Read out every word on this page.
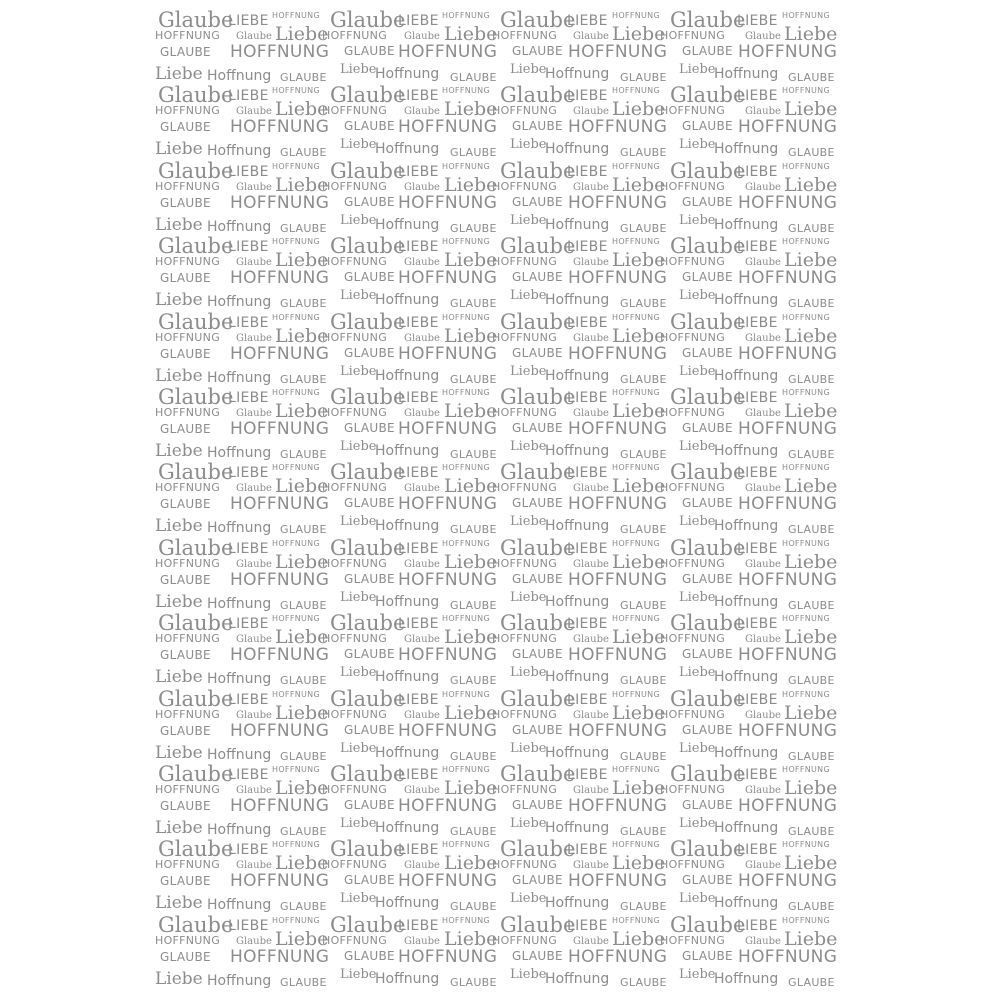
Glaube
LIEBE HOFFNUNG Glaube
LIEBE HOFFNUNG Glaube
LIEBE HOFFNUNG Glaube
LIEBE HOFFNUNG
HOFFNUNG Glaube Liebe
HOFFNUNG Glaube Liebe
HOFFNUNG Glaube Liebe
HOFFNUNG Glaube Liebe
GLAUBE HOFFNUNG GLAUBE HOFFNUNG GLAUBE HOFFNUNG GLAUBE HOFFNUNG
Liebe Hoffnung GLAUBE
Liebe
Hoffnung GLAUBE
Liebe
Hoffnung GLAUBE
Liebe
Hoffnung GLAUBE
Glaube
LIEBE HOFFNUNG Glaube
LIEBE HOFFNUNG Glaube
LIEBE HOFFNUNG Glaube
LIEBE HOFFNUNG
HOFFNUNG Glaube Liebe
HOFFNUNG Glaube Liebe
HOFFNUNG Glaube Liebe
HOFFNUNG Glaube Liebe
GLAUBE HOFFNUNG GLAUBE HOFFNUNG GLAUBE HOFFNUNG GLAUBE HOFFNUNG
Liebe Hoffnung GLAUBE
Liebe
Hoffnung GLAUBE
Liebe
Hoffnung GLAUBE
Liebe
Hoffnung GLAUBE
Glaube
LIEBE HOFFNUNG Glaube
LIEBE HOFFNUNG Glaube
LIEBE HOFFNUNG Glaube
LIEBE HOFFNUNG
HOFFNUNG Glaube Liebe
HOFFNUNG Glaube Liebe
HOFFNUNG Glaube Liebe
HOFFNUNG Glaube Liebe
GLAUBE HOFFNUNG GLAUBE HOFFNUNG GLAUBE HOFFNUNG GLAUBE HOFFNUNG
Liebe Hoffnung GLAUBE
Liebe
Hoffnung GLAUBE
Liebe
Hoffnung GLAUBE
Liebe
Hoffnung GLAUBE
Glaube
LIEBE HOFFNUNG Glaube
LIEBE HOFFNUNG Glaube
LIEBE HOFFNUNG Glaube
LIEBE HOFFNUNG
HOFFNUNG Glaube Liebe
HOFFNUNG Glaube Liebe
HOFFNUNG Glaube Liebe
HOFFNUNG Glaube Liebe
GLAUBE HOFFNUNG GLAUBE HOFFNUNG GLAUBE HOFFNUNG GLAUBE HOFFNUNG
Liebe Hoffnung GLAUBE
Liebe
Hoffnung GLAUBE
Liebe
Hoffnung GLAUBE
Liebe
Hoffnung GLAUBE
Glaube
LIEBE HOFFNUNG Glaube
LIEBE HOFFNUNG Glaube
LIEBE HOFFNUNG Glaube
LIEBE HOFFNUNG
HOFFNUNG Glaube Liebe
HOFFNUNG Glaube Liebe
HOFFNUNG Glaube Liebe
HOFFNUNG Glaube Liebe
GLAUBE HOFFNUNG GLAUBE HOFFNUNG GLAUBE HOFFNUNG GLAUBE HOFFNUNG
Liebe Hoffnung GLAUBE
Liebe
Hoffnung GLAUBE
Liebe
Hoffnung GLAUBE
Liebe
Hoffnung GLAUBE
Glaube
LIEBE HOFFNUNG Glaube
LIEBE HOFFNUNG Glaube
LIEBE HOFFNUNG Glaube
LIEBE HOFFNUNG
HOFFNUNG Glaube Liebe
HOFFNUNG Glaube Liebe
HOFFNUNG Glaube Liebe
HOFFNUNG Glaube Liebe
GLAUBE HOFFNUNG GLAUBE HOFFNUNG GLAUBE HOFFNUNG GLAUBE HOFFNUNG
Liebe Hoffnung GLAUBE
Liebe
Hoffnung GLAUBE
Liebe
Hoffnung GLAUBE
Liebe
Hoffnung GLAUBE
Glaube
LIEBE HOFFNUNG Glaube
LIEBE HOFFNUNG Glaube
LIEBE HOFFNUNG Glaube
LIEBE HOFFNUNG
HOFFNUNG Glaube Liebe
HOFFNUNG Glaube Liebe
HOFFNUNG Glaube Liebe
HOFFNUNG Glaube Liebe
GLAUBE HOFFNUNG GLAUBE HOFFNUNG GLAUBE HOFFNUNG GLAUBE HOFFNUNG
Liebe Hoffnung GLAUBE
Liebe
Hoffnung GLAUBE
Liebe
Hoffnung GLAUBE
Liebe
Hoffnung GLAUBE
Glaube
LIEBE HOFFNUNG Glaube
LIEBE HOFFNUNG Glaube
LIEBE HOFFNUNG Glaube
LIEBE HOFFNUNG
HOFFNUNG Glaube Liebe
HOFFNUNG Glaube Liebe
HOFFNUNG Glaube Liebe
HOFFNUNG Glaube Liebe
GLAUBE HOFFNUNG GLAUBE HOFFNUNG GLAUBE HOFFNUNG GLAUBE HOFFNUNG
Liebe Hoffnung GLAUBE
Liebe
Hoffnung GLAUBE
Liebe
Hoffnung GLAUBE
Liebe
Hoffnung GLAUBE
Glaube
LIEBE HOFFNUNG Glaube
LIEBE HOFFNUNG Glaube
LIEBE HOFFNUNG Glaube
LIEBE HOFFNUNG
HOFFNUNG Glaube Liebe
HOFFNUNG Glaube Liebe
HOFFNUNG Glaube Liebe
HOFFNUNG Glaube Liebe
GLAUBE HOFFNUNG GLAUBE HOFFNUNG GLAUBE HOFFNUNG GLAUBE HOFFNUNG
Liebe Hoffnung GLAUBE
Liebe
Hoffnung GLAUBE
Liebe
Hoffnung GLAUBE
Liebe
Hoffnung GLAUBE
Glaube
LIEBE HOFFNUNG Glaube
LIEBE HOFFNUNG Glaube
LIEBE HOFFNUNG Glaube
LIEBE HOFFNUNG
HOFFNUNG Glaube Liebe
HOFFNUNG Glaube Liebe
HOFFNUNG Glaube Liebe
HOFFNUNG Glaube Liebe
GLAUBE HOFFNUNG GLAUBE HOFFNUNG GLAUBE HOFFNUNG GLAUBE HOFFNUNG
Liebe Hoffnung GLAUBE
Liebe
Hoffnung GLAUBE
Liebe
Hoffnung GLAUBE
Liebe
Hoffnung GLAUBE
Glaube
LIEBE HOFFNUNG Glaube
LIEBE HOFFNUNG Glaube
LIEBE HOFFNUNG Glaube
LIEBE HOFFNUNG
HOFFNUNG Glaube Liebe
HOFFNUNG Glaube Liebe
HOFFNUNG Glaube Liebe
HOFFNUNG Glaube Liebe
GLAUBE HOFFNUNG GLAUBE HOFFNUNG GLAUBE HOFFNUNG GLAUBE HOFFNUNG
Liebe Hoffnung GLAUBE
Liebe
Hoffnung GLAUBE
Liebe
Hoffnung GLAUBE
Liebe
Hoffnung GLAUBE
Glaube
LIEBE HOFFNUNG Glaube
LIEBE HOFFNUNG Glaube
LIEBE HOFFNUNG Glaube
LIEBE HOFFNUNG
HOFFNUNG Glaube Liebe
HOFFNUNG Glaube Liebe
HOFFNUNG Glaube Liebe
HOFFNUNG Glaube Liebe
GLAUBE HOFFNUNG GLAUBE HOFFNUNG GLAUBE HOFFNUNG GLAUBE HOFFNUNG
Liebe Hoffnung GLAUBE
Liebe
Hoffnung GLAUBE
Liebe
Hoffnung GLAUBE
Liebe
Hoffnung GLAUBE
Glaube
LIEBE HOFFNUNG Glaube
LIEBE HOFFNUNG Glaube
LIEBE HOFFNUNG Glaube
LIEBE HOFFNUNG
HOFFNUNG Glaube Liebe
HOFFNUNG Glaube Liebe
HOFFNUNG Glaube Liebe
HOFFNUNG Glaube Liebe
GLAUBE HOFFNUNG GLAUBE HOFFNUNG GLAUBE HOFFNUNG GLAUBE HOFFNUNG
Liebe Hoffnung GLAUBE
Liebe
Hoffnung GLAUBE
Liebe
Hoffnung GLAUBE
Liebe
Hoffnung GLAUBE
